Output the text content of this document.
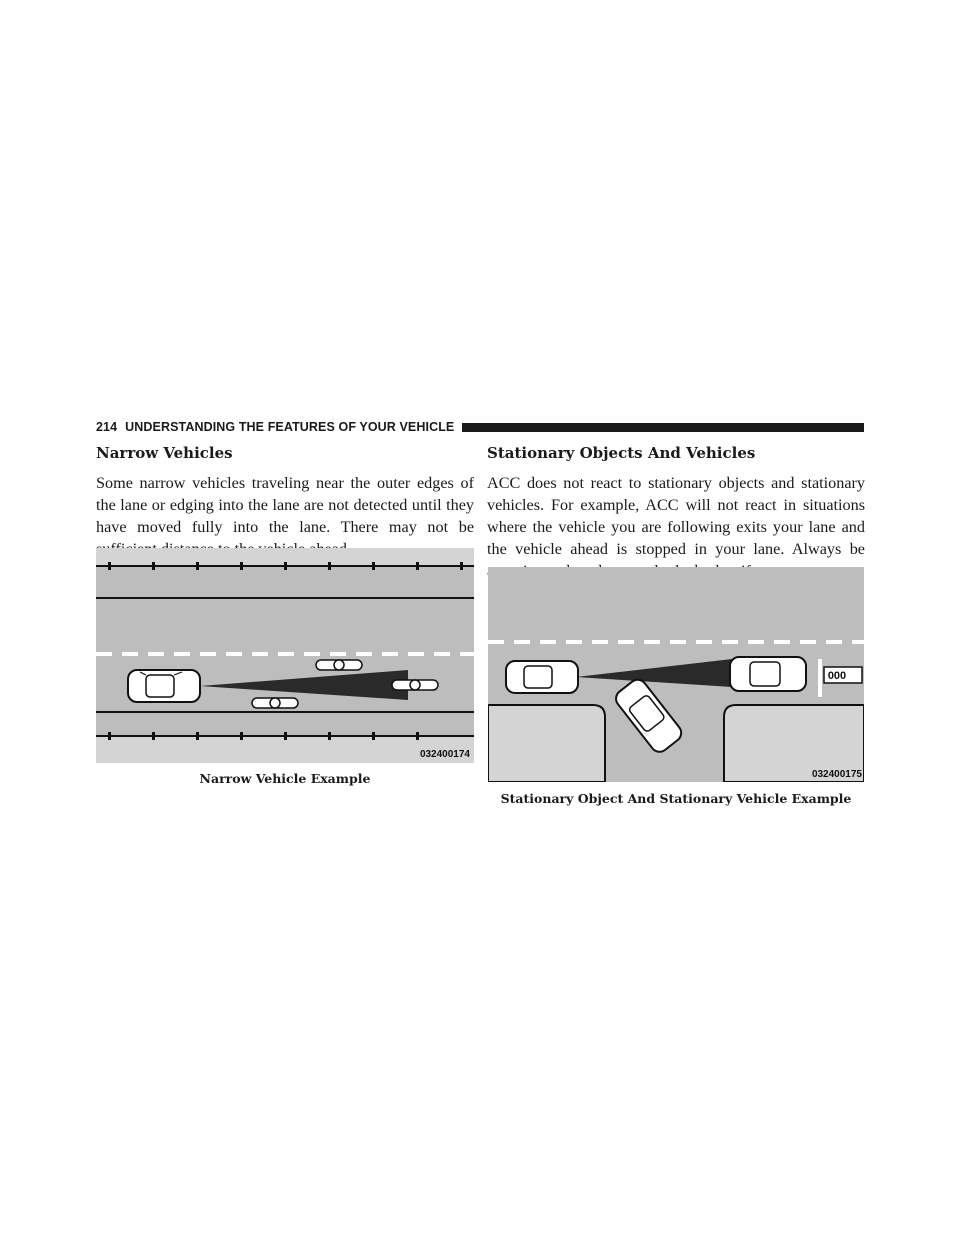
214 UNDERSTANDING THE FEATURES OF YOUR VEHICLE
Narrow Vehicles

Some narrow vehicles traveling near the outer edges of the lane or edging into the lane are not detected until they have moved fully into the lane. There may not be

Stationary Objects And Vehicles

ACC does not react to stationary objects and stationary vehicles. For example, ACC will not react in situations where the vehicle you are following exits your lane and the vehicle ahead is stopped in your lane. Always be

032400174
Narrow Vehicle Example
000
032400175
Stationary Object And Stationary Vehicle Example
